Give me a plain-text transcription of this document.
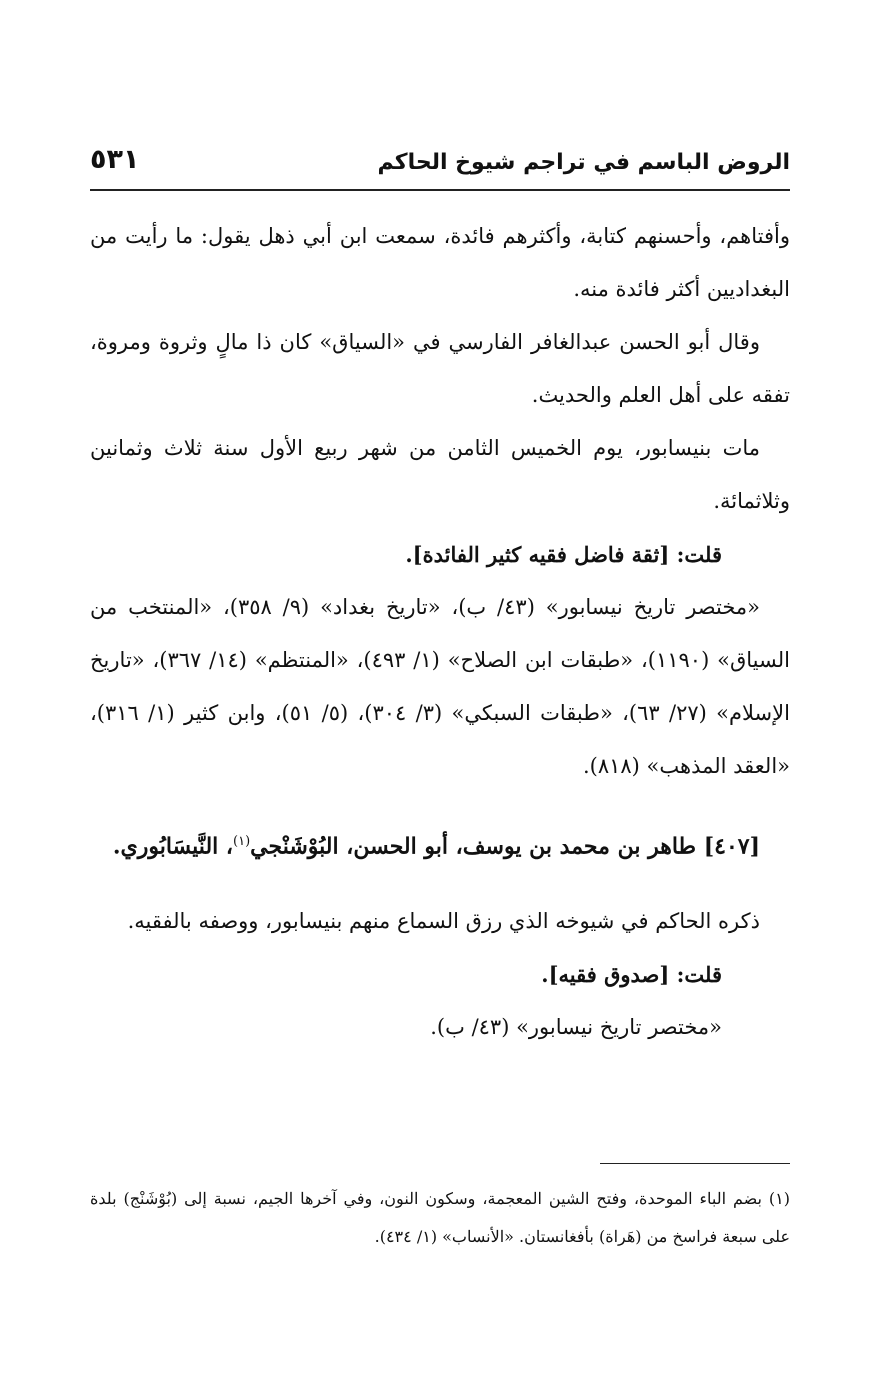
الروض الباسم في تراجم شيوخ الحاكم
٥٣١

وأفتاهم، وأحسنهم كتابة، وأكثرهم فائدة، سمعت ابن أبي ذهل يقول: ما رأيت من البغداديين أكثر فائدة منه.

وقال أبو الحسن عبدالغافر الفارسي في «السياق» كان ذا مالٍ وثروة ومروة، تفقه على أهل العلم والحديث.

مات بنيسابور، يوم الخميس الثامن من شهر ربيع الأول سنة ثلاث وثمانين وثلاثمائة.

قلت: [ثقة فاضل فقيه كثير الفائدة].

«مختصر تاريخ نيسابور» (٤٣/ ب)، «تاريخ بغداد» (٩/ ٣٥٨)، «المنتخب من السياق» (١١٩٠)، «طبقات ابن الصلاح» (١/ ٤٩٣)، «المنتظم» (١٤/ ٣٦٧)، «تاريخ الإسلام» (٢٧/ ٦٣)، «طبقات السبكي» (٣/ ٣٠٤)، (٥/ ٥١)، وابن كثير (١/ ٣١٦)، «العقد المذهب» (٨١٨).

[٤٠٧] طاهر بن محمد بن يوسف، أبو الحسن، البُوْشَنْجي$^{(١)}$، النَّيسَابُوري.

ذكره الحاكم في شيوخه الذي رزق السماع منهم بنيسابور، ووصفه بالفقيه.

قلت: [صدوق فقيه].

«مختصر تاريخ نيسابور» (٤٣/ ب).

(١) بضم الباء الموحدة، وفتح الشين المعجمة، وسكون النون، وفي آخرها الجيم، نسبة إلى (بُوْشَنْج) بلدة على سبعة فراسخ من (هَراة) بأفغانستان. «الأنساب» (١/ ٤٣٤).
